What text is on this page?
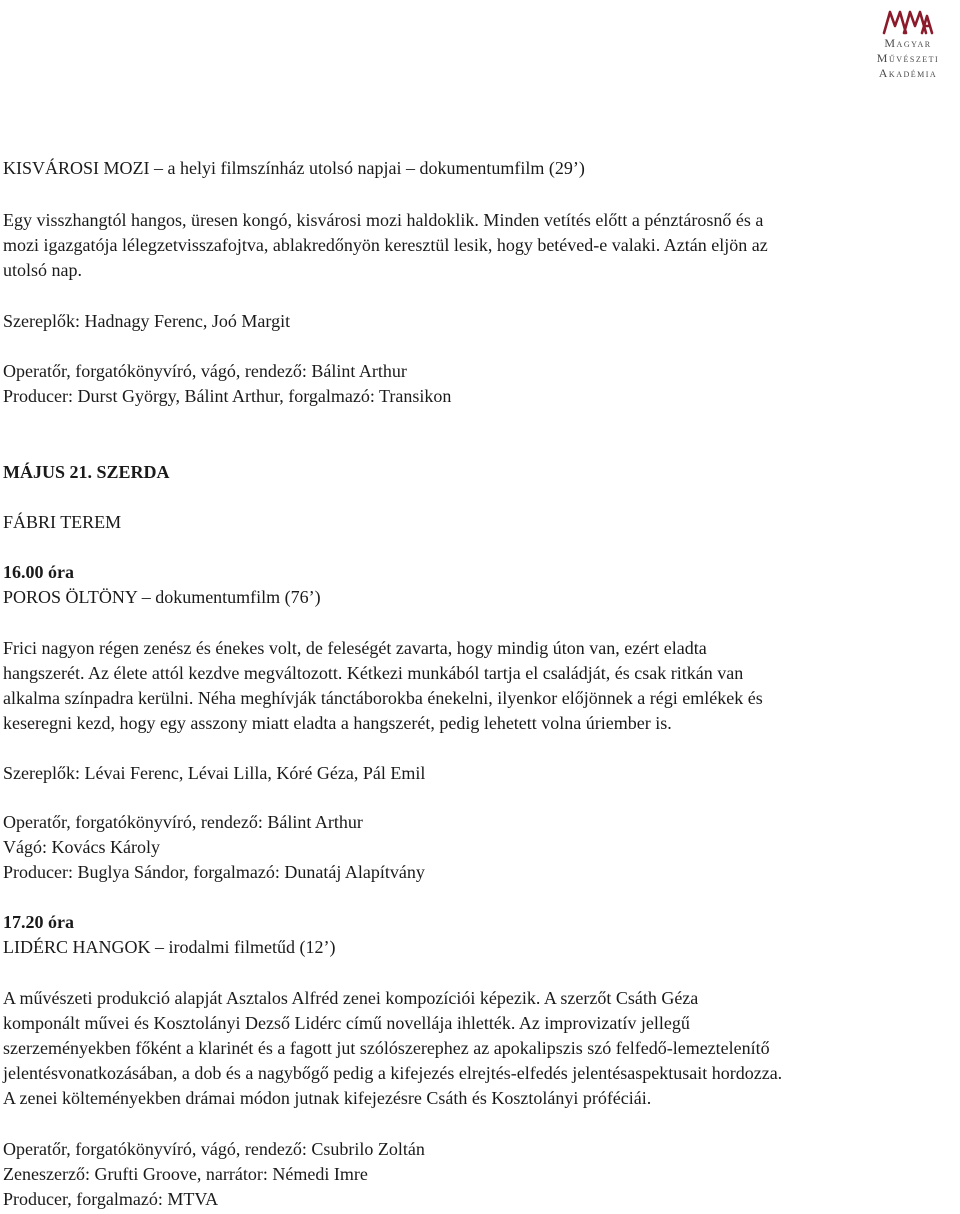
Magyar
Művészeti
Akadémia
KISVÁROSI MOZI – a helyi filmszínház utolsó napjai – dokumentumfilm (29’)
Egy visszhangtól hangos, üresen kongó, kisvárosi mozi haldoklik. Minden vetítés előtt a pénztárosnő és a
mozi igazgatója lélegzetvisszafojtva, ablakredőnyön keresztül lesik, hogy betéved-e valaki. Aztán eljön az
utolsó nap.
Szereplők: Hadnagy Ferenc, Joó Margit
Operatőr, forgatókönyvíró, vágó, rendező: Bálint Arthur
Producer: Durst György, Bálint Arthur, forgalmazó: Transikon
MÁJUS 21. SZERDA
FÁBRI TEREM
16.00 óra
POROS ÖLTÖNY – dokumentumfilm (76’)
Frici nagyon régen zenész és énekes volt, de feleségét zavarta, hogy mindig úton van, ezért eladta
hangszerét. Az élete attól kezdve megváltozott. Kétkezi munkából tartja el családját, és csak ritkán van
alkalma színpadra kerülni. Néha meghívják tánctáborokba énekelni, ilyenkor előjönnek a régi emlékek és
keseregni kezd, hogy egy asszony miatt eladta a hangszerét, pedig lehetett volna úriember is.
Szereplők: Lévai Ferenc, Lévai Lilla, Kóré Géza, Pál Emil
Operatőr, forgatókönyvíró, rendező: Bálint Arthur
Vágó: Kovács Károly
Producer: Buglya Sándor, forgalmazó: Dunatáj Alapítvány
17.20 óra
LIDÉRC HANGOK – irodalmi filmetűd (12’)
A művészeti produkció alapját Asztalos Alfréd zenei kompozíciói képezik. A szerzőt Csáth Géza
komponált művei és Kosztolányi Dezső Lidérc című novellája ihlették. Az improvizatív jellegű
szerzeményekben főként a klarinét és a fagott jut szólószerephez az apokalipszis szó felfedő-lemeztelenítő
jelentésvonatkozásában, a dob és a nagybőgő pedig a kifejezés elrejtés-elfedés jelentésaspektusait hordozza.
A zenei költeményekben drámai módon jutnak kifejezésre Csáth és Kosztolányi próféciái.
Operatőr, forgatókönyvíró, vágó, rendező: Csubrilo Zoltán
Zeneszerző: Grufti Groove, narrátor: Némedi Imre
Producer, forgalmazó: MTVA
